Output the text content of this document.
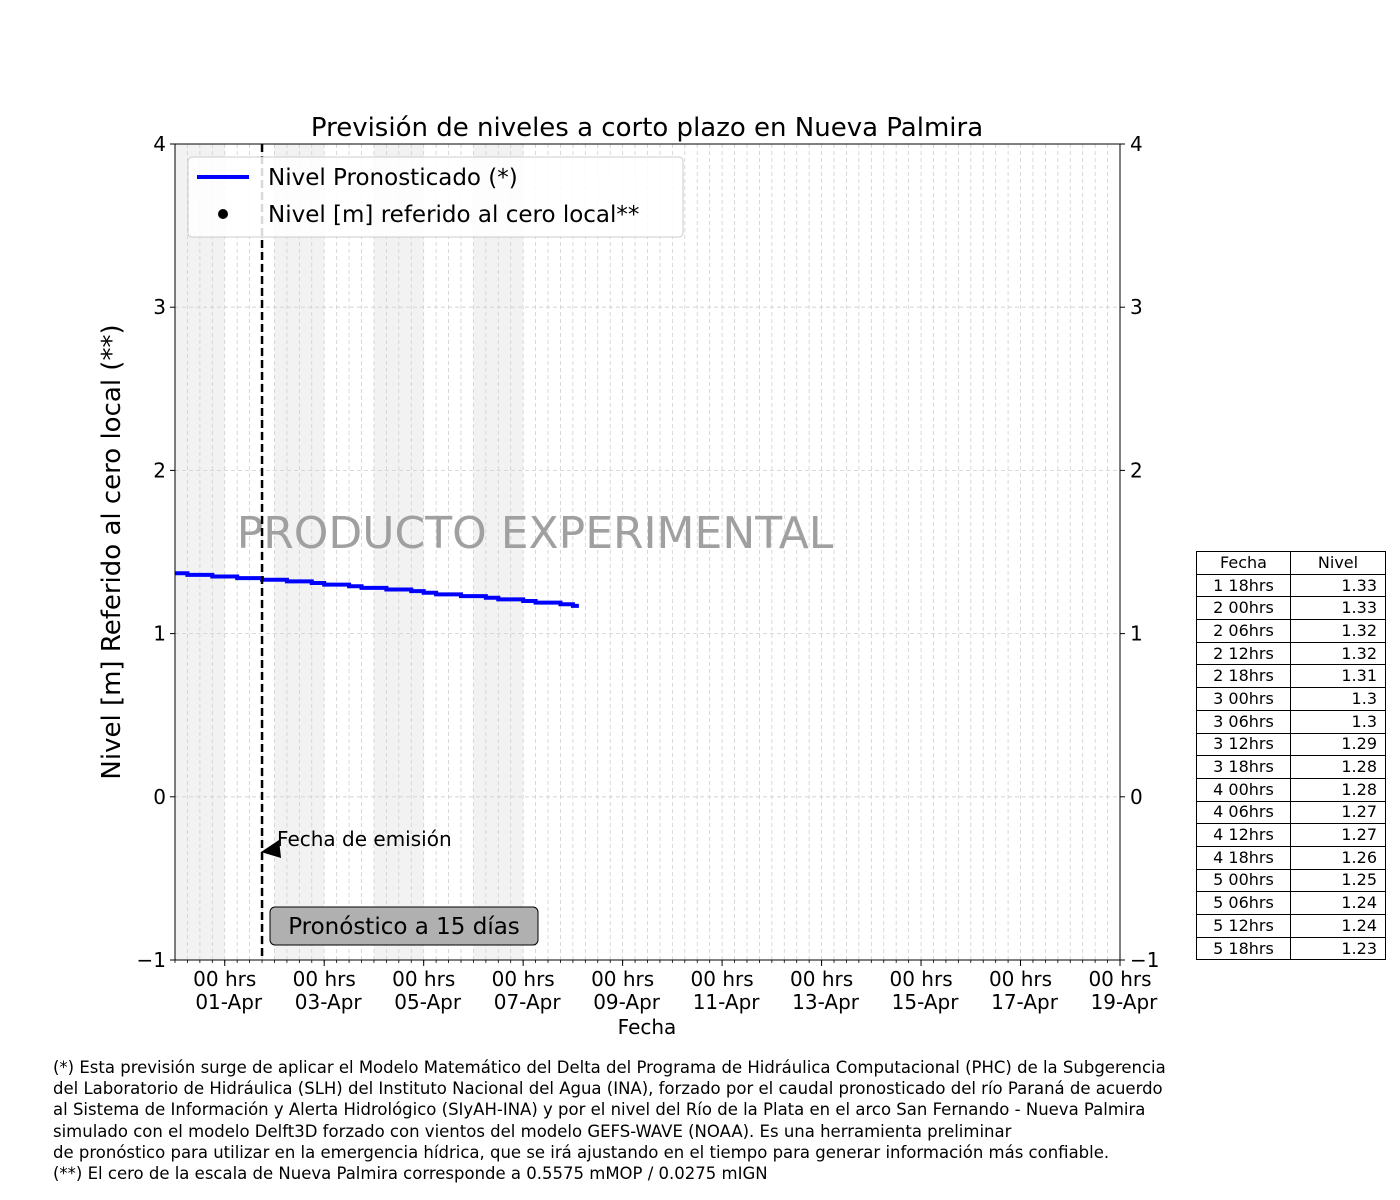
PRODUCTO EXPERIMENTAL
Fecha de emisión
−1	−1
0	0
1	1
2	2
3	3
4	4
00 hrs
01-Apr
00 hrs
03-Apr
00 hrs
05-Apr
00 hrs
07-Apr
00 hrs
09-Apr
00 hrs
11-Apr
00 hrs
13-Apr
00 hrs
15-Apr
00 hrs
17-Apr
00 hrs
19-Apr
Previsión de niveles a corto plazo en Nueva Palmira
Fecha
Nivel [m] Referido al cero local (**)
Pronóstico a 15 días
Nivel Pronosticado (*)
Nivel [m] referido al cero local**
Fecha	Nivel
1 18hrs	1.33
2 00hrs	1.33
2 06hrs	1.32
2 12hrs	1.32
2 18hrs	1.31
3 00hrs	1.3
3 06hrs	1.3
3 12hrs	1.29
3 18hrs	1.28
4 00hrs	1.28
4 06hrs	1.27
4 12hrs	1.27
4 18hrs	1.26
5 00hrs	1.25
5 06hrs	1.24
5 12hrs	1.24
5 18hrs	1.23
(*) Esta previsión surge de aplicar el Modelo Matemático del Delta del Programa de Hidráulica Computacional (PHC) de la Subgerencia
del Laboratorio de Hidráulica (SLH) del Instituto Nacional del Agua (INA), forzado por el caudal pronosticado del río Paraná de acuerdo
al Sistema de Información y Alerta Hidrológico (SIyAH-INA) y por el nivel del Río de la Plata en el arco San Fernando - Nueva Palmira
simulado con el modelo Delft3D forzado con vientos del modelo GEFS-WAVE (NOAA). Es una herramienta preliminar
de pronóstico para utilizar en la emergencia hídrica, que se irá ajustando en el tiempo para generar información más confiable.
(**) El cero de la escala de Nueva Palmira corresponde a 0.5575 mMOP / 0.0275 mIGN
